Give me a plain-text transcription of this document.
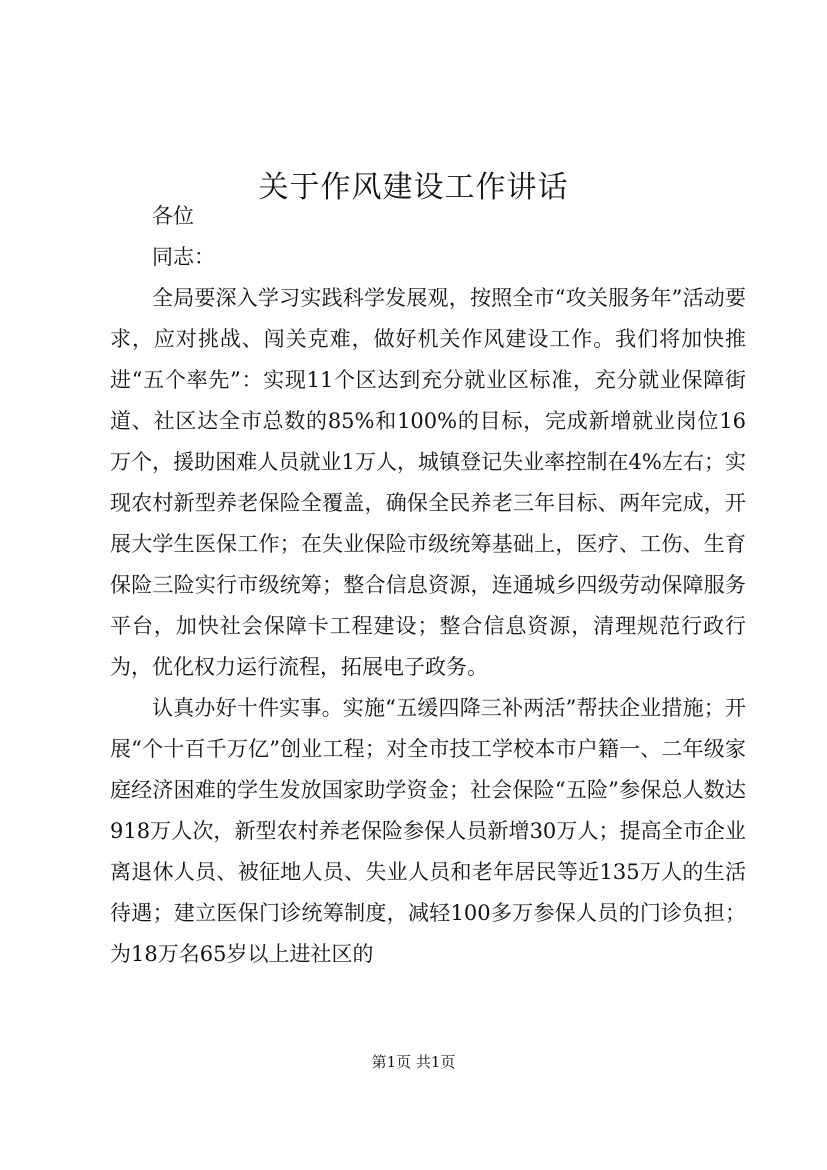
关于作风建设工作讲话

各位

同志：

全局要深入学习实践科学发展观，按照全市“攻关服务年”活动要求，应对挑战、闯关克难，做好机关作风建设工作。我们将加快推进“五个率先”：实现11个区达到充分就业区标准，充分就业保障街道、社区达全市总数的85%和100%的目标，完成新增就业岗位16万个，援助困难人员就业1万人，城镇登记失业率控制在4%左右；实现农村新型养老保险全覆盖，确保全民养老三年目标、两年完成，开展大学生医保工作；在失业保险市级统筹基础上，医疗、工伤、生育保险三险实行市级统筹；整合信息资源，连通城乡四级劳动保障服务平台，加快社会保障卡工程建设；整合信息资源，清理规范行政行为，优化权力运行流程，拓展电子政务。

认真办好十件实事。实施“五缓四降三补两活”帮扶企业措施；开展“个十百千万亿”创业工程；对全市技工学校本市户籍一、二年级家庭经济困难的学生发放国家助学资金；社会保险“五险”参保总人数达918万人次，新型农村养老保险参保人员新增30万人；提高全市企业离退休人员、被征地人员、失业人员和老年居民等近135万人的生活待遇；建立医保门诊统筹制度，减轻100多万参保人员的门诊负担；为18万名65岁以上进社区的

第1页 共1页
